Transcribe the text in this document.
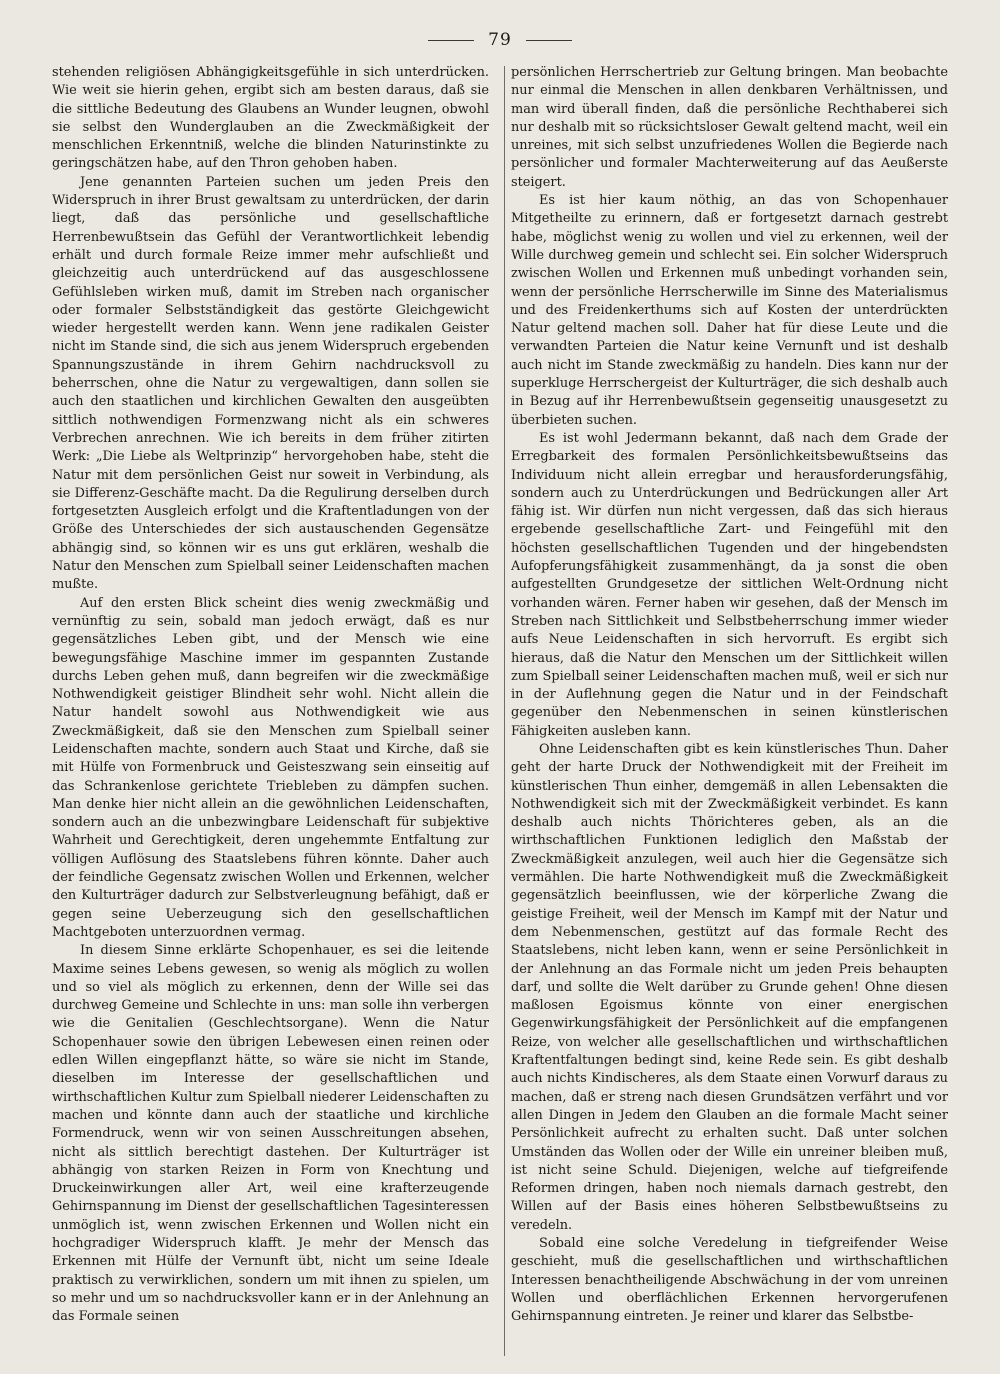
79

stehenden religiösen Abhängigkeitsgefühle in sich unterdrücken. Wie weit sie hierin gehen, ergibt sich am besten daraus, daß sie die sittliche Bedeutung des Glaubens an Wunder leugnen, obwohl sie selbst den Wunderglauben an die Zweckmäßigkeit der menschlichen Erkenntniß, welche die blinden Naturinstinkte zu geringschätzen habe, auf den Thron gehoben haben.

Jene genannten Parteien suchen um jeden Preis den Widerspruch in ihrer Brust gewaltsam zu unterdrücken, der darin liegt, daß das persönliche und gesellschaftliche Herrenbewußtsein das Gefühl der Verantwortlichkeit lebendig erhält und durch formale Reize immer mehr aufschließt und gleichzeitig auch unterdrückend auf das ausgeschlossene Gefühlsleben wirken muß, damit im Streben nach organischer oder formaler Selbstständigkeit das gestörte Gleichgewicht wieder hergestellt werden kann. Wenn jene radikalen Geister nicht im Stande sind, die sich aus jenem Widerspruch ergebenden Spannungszustände in ihrem Gehirn nachdrucksvoll zu beherrschen, ohne die Natur zu vergewaltigen, dann sollen sie auch den staatlichen und kirchlichen Gewalten den ausgeübten sittlich nothwendigen Formenzwang nicht als ein schweres Verbrechen anrechnen. Wie ich bereits in dem früher zitirten Werk: „Die Liebe als Weltprinzip“ hervorgehoben habe, steht die Natur mit dem persönlichen Geist nur soweit in Verbindung, als sie Differenz-Geschäfte macht. Da die Regulirung derselben durch fortgesetzten Ausgleich erfolgt und die Kraftentladungen von der Größe des Unterschiedes der sich austauschenden Gegensätze abhängig sind, so können wir es uns gut erklären, weshalb die Natur den Menschen zum Spielball seiner Leidenschaften machen mußte.

Auf den ersten Blick scheint dies wenig zweckmäßig und vernünftig zu sein, sobald man jedoch erwägt, daß es nur gegensätzliches Leben gibt, und der Mensch wie eine bewegungsfähige Maschine immer im gespannten Zustande durchs Leben gehen muß, dann begreifen wir die zweckmäßige Nothwendigkeit geistiger Blindheit sehr wohl. Nicht allein die Natur handelt sowohl aus Nothwendigkeit wie aus Zweckmäßigkeit, daß sie den Menschen zum Spielball seiner Leidenschaften machte, sondern auch Staat und Kirche, daß sie mit Hülfe von Formenbruck und Geisteszwang sein einseitig auf das Schrankenlose gerichtete Triebleben zu dämpfen suchen. Man denke hier nicht allein an die gewöhnlichen Leidenschaften, sondern auch an die unbezwingbare Leidenschaft für subjektive Wahrheit und Gerechtigkeit, deren ungehemmte Entfaltung zur völligen Auflösung des Staatslebens führen könnte. Daher auch der feindliche Gegensatz zwischen Wollen und Erkennen, welcher den Kulturträger dadurch zur Selbstverleugnung befähigt, daß er gegen seine Ueberzeugung sich den gesellschaftlichen Machtgeboten unterzuordnen vermag.

In diesem Sinne erklärte Schopenhauer, es sei die leitende Maxime seines Lebens gewesen, so wenig als möglich zu wollen und so viel als möglich zu erkennen, denn der Wille sei das durchweg Gemeine und Schlechte in uns: man solle ihn verbergen wie die Genitalien (Geschlechtsorgane). Wenn die Natur Schopenhauer sowie den übrigen Lebewesen einen reinen oder edlen Willen eingepflanzt hätte, so wäre sie nicht im Stande, dieselben im Interesse der gesellschaftlichen und wirthschaftlichen Kultur zum Spielball niederer Leidenschaften zu machen und könnte dann auch der staatliche und kirchliche Formendruck, wenn wir von seinen Ausschreitungen absehen, nicht als sittlich berechtigt dastehen. Der Kulturträger ist abhängig von starken Reizen in Form von Knechtung und Druckeinwirkungen aller Art, weil eine krafterzeugende Gehirnspannung im Dienst der gesellschaftlichen Tagesinteressen unmöglich ist, wenn zwischen Erkennen und Wollen nicht ein hochgradiger Widerspruch klafft. Je mehr der Mensch das Erkennen mit Hülfe der Vernunft übt, nicht um seine Ideale praktisch zu verwirklichen, sondern um mit ihnen zu spielen, um so mehr und um so nachdrucksvoller kann er in der Anlehnung an das Formale seinen

persönlichen Herrschertrieb zur Geltung bringen. Man beobachte nur einmal die Menschen in allen denkbaren Verhältnissen, und man wird überall finden, daß die persönliche Rechthaberei sich nur deshalb mit so rücksichtsloser Gewalt geltend macht, weil ein unreines, mit sich selbst unzufriedenes Wollen die Begierde nach persönlicher und formaler Machterweiterung auf das Aeußerste steigert.

Es ist hier kaum nöthig, an das von Schopenhauer Mitgetheilte zu erinnern, daß er fortgesetzt darnach gestrebt habe, möglichst wenig zu wollen und viel zu erkennen, weil der Wille durchweg gemein und schlecht sei. Ein solcher Widerspruch zwischen Wollen und Erkennen muß unbedingt vorhanden sein, wenn der persönliche Herrscherwille im Sinne des Materialismus und des Freidenkerthums sich auf Kosten der unterdrückten Natur geltend machen soll. Daher hat für diese Leute und die verwandten Parteien die Natur keine Vernunft und ist deshalb auch nicht im Stande zweckmäßig zu handeln. Dies kann nur der superkluge Herrschergeist der Kulturträger, die sich deshalb auch in Bezug auf ihr Herrenbewußtsein gegenseitig unausgesetzt zu überbieten suchen.

Es ist wohl Jedermann bekannt, daß nach dem Grade der Erregbarkeit des formalen Persönlichkeitsbewußtseins das Individuum nicht allein erregbar und herausforderungsfähig, sondern auch zu Unterdrückungen und Bedrückungen aller Art fähig ist. Wir dürfen nun nicht vergessen, daß das sich hieraus ergebende gesellschaftliche Zart- und Feingefühl mit den höchsten gesellschaftlichen Tugenden und der hingebendsten Aufopferungsfähigkeit zusammenhängt, da ja sonst die oben aufgestellten Grundgesetze der sittlichen Welt-Ordnung nicht vorhanden wären. Ferner haben wir gesehen, daß der Mensch im Streben nach Sittlichkeit und Selbstbeherrschung immer wieder aufs Neue Leidenschaften in sich hervorruft. Es ergibt sich hieraus, daß die Natur den Menschen um der Sittlichkeit willen zum Spielball seiner Leidenschaften machen muß, weil er sich nur in der Auflehnung gegen die Natur und in der Feindschaft gegenüber den Nebenmenschen in seinen künstlerischen Fähigkeiten ausleben kann.

Ohne Leidenschaften gibt es kein künstlerisches Thun. Daher geht der harte Druck der Nothwendigkeit mit der Freiheit im künstlerischen Thun einher, demgemäß in allen Lebensakten die Nothwendigkeit sich mit der Zweckmäßigkeit verbindet. Es kann deshalb auch nichts Thörichteres geben, als an die wirthschaftlichen Funktionen lediglich den Maßstab der Zweckmäßigkeit anzulegen, weil auch hier die Gegensätze sich vermählen. Die harte Nothwendigkeit muß die Zweckmäßigkeit gegensätzlich beeinflussen, wie der körperliche Zwang die geistige Freiheit, weil der Mensch im Kampf mit der Natur und dem Nebenmenschen, gestützt auf das formale Recht des Staatslebens, nicht leben kann, wenn er seine Persönlichkeit in der Anlehnung an das Formale nicht um jeden Preis behaupten darf, und sollte die Welt darüber zu Grunde gehen! Ohne diesen maßlosen Egoismus könnte von einer energischen Gegenwirkungsfähigkeit der Persönlichkeit auf die empfangenen Reize, von welcher alle gesellschaftlichen und wirthschaftlichen Kraftentfaltungen bedingt sind, keine Rede sein. Es gibt deshalb auch nichts Kindischeres, als dem Staate einen Vorwurf daraus zu machen, daß er streng nach diesen Grundsätzen verfährt und vor allen Dingen in Jedem den Glauben an die formale Macht seiner Persönlichkeit aufrecht zu erhalten sucht. Daß unter solchen Umständen das Wollen oder der Wille ein unreiner bleiben muß, ist nicht seine Schuld. Diejenigen, welche auf tiefgreifende Reformen dringen, haben noch niemals darnach gestrebt, den Willen auf der Basis eines höheren Selbstbewußtseins zu veredeln.

Sobald eine solche Veredelung in tiefgreifender Weise geschieht, muß die gesellschaftlichen und wirthschaftlichen Interessen benachtheiligende Abschwächung in der vom unreinen Wollen und oberflächlichen Erkennen hervorgerufenen Gehirnspannung eintreten. Je reiner und klarer das Selbstbe-
